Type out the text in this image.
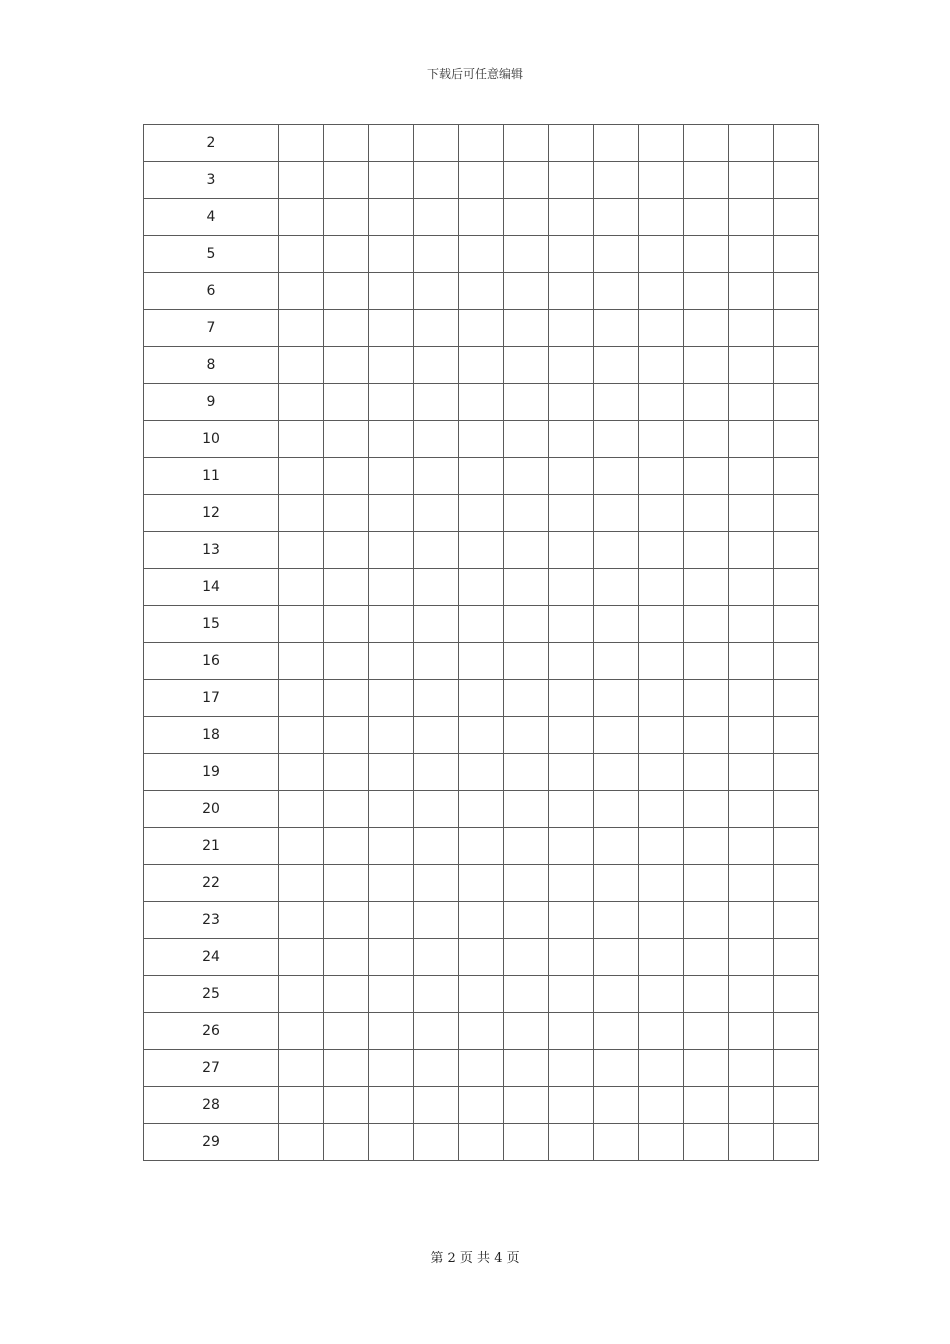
下载后可任意编辑
2												
3												
4												
5												
6												
7												
8												
9												
10												
11												
12												
13												
14												
15												
16												
17												
18												
19												
20												
21												
22												
23												
24												
25												
26												
27												
28												
29												
第 2 页 共 4 页
